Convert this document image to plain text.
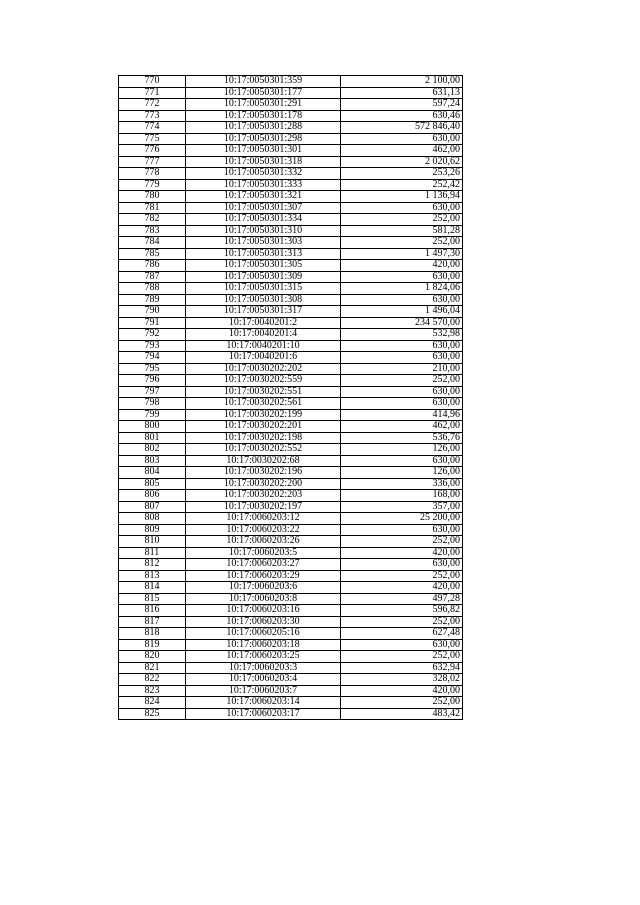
770	10:17:0050301:359	2 100,00
771	10:17:0050301:177	631,13
772	10:17:0050301:291	597,24
773	10:17:0050301:178	630,46
774	10:17:0050301:288	572 846,40
775	10:17:0050301:298	630,00
776	10:17:0050301:301	462,00
777	10:17:0050301:318	2 020,62
778	10:17:0050301:332	253,26
779	10:17:0050301:333	252,42
780	10:17:0050301:321	1 136,94
781	10:17:0050301:307	630,00
782	10:17:0050301:334	252,00
783	10:17:0050301:310	581,28
784	10:17:0050301:303	252,00
785	10:17:0050301:313	1 497,30
786	10:17:0050301:305	420,00
787	10:17:0050301:309	630,00
788	10:17:0050301:315	1 824,06
789	10:17:0050301:308	630,00
790	10:17:0050301:317	1 496,04
791	10:17:0040201:2	234 570,00
792	10:17:0040201:4	532,98
793	10:17:0040201:10	630,00
794	10:17:0040201:6	630,00
795	10:17:0030202:202	210,00
796	10:17:0030202:559	252,00
797	10:17:0030202:551	630,00
798	10:17:0030202:561	630,00
799	10:17:0030202:199	414,96
800	10:17:0030202:201	462,00
801	10:17:0030202:198	536,76
802	10:17:0030202:552	126,00
803	10:17:0030202:68	630,00
804	10:17:0030202:196	126,00
805	10:17:0030202:200	336,00
806	10:17:0030202:203	168,00
807	10:17:0030202:197	357,00
808	10:17:0060203:12	25 200,00
809	10:17:0060203:22	630,00
810	10:17:0060203:26	252,00
811	10:17:0060203:5	420,00
812	10:17:0060203:27	630,00
813	10:17:0060203:29	252,00
814	10:17:0060203:6	420,00
815	10:17:0060203:8	497,28
816	10:17:0060203:16	596,82
817	10:17:0060203:30	252,00
818	10:17:0060205:16	627,48
819	10:17:0060203:18	630,00
820	10:17:0060203:25	252,00
821	10:17:0060203:3	632,94
822	10:17:0060203:4	328,02
823	10:17:0060203:7	420,00
824	10:17:0060203:14	252,00
825	10:17:0060203:17	483,42
